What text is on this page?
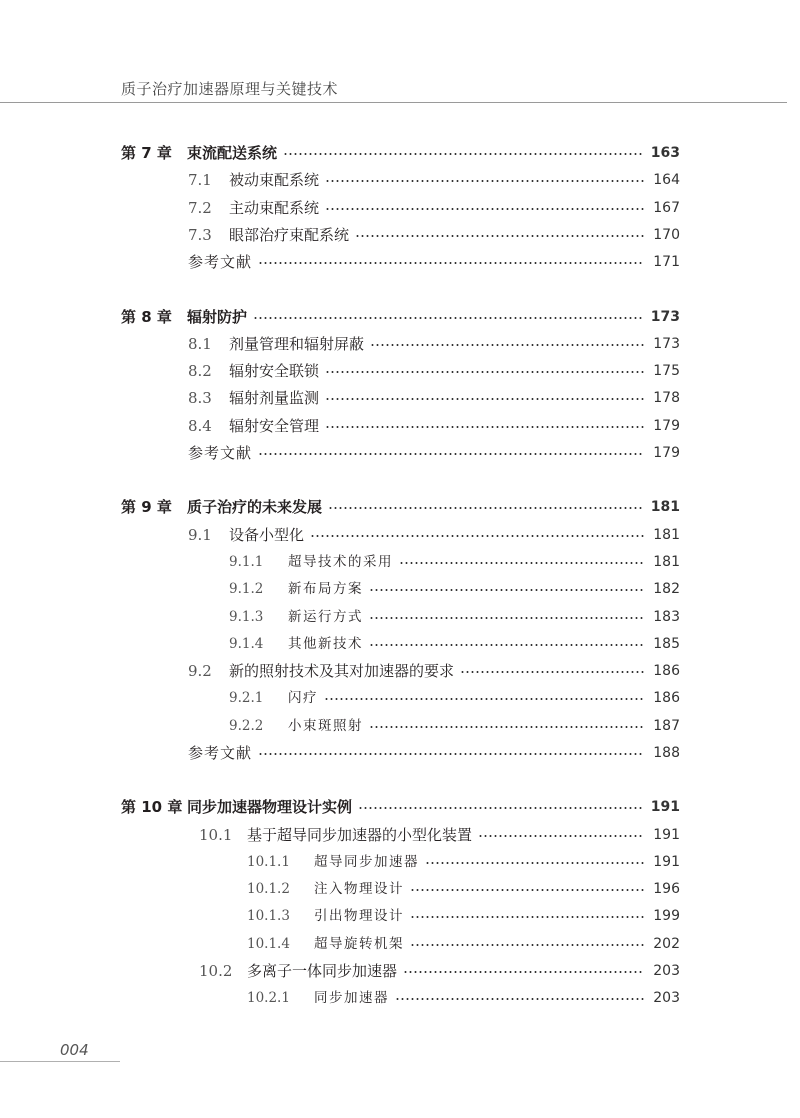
质子治疗加速器原理与关键技术
第 7 章	束流配送系统	163
7.1	被动束配系统	164
7.2	主动束配系统	167
7.3	眼部治疗束配系统	170
参考文献	171
第 8 章	辐射防护	173
8.1	剂量管理和辐射屏蔽	173
8.2	辐射安全联锁	175
8.3	辐射剂量监测	178
8.4	辐射安全管理	179
参考文献	179
第 9 章	质子治疗的未来发展	181
9.1	设备小型化	181
9.1.1	超导技术的采用	181
9.1.2	新布局方案	182
9.1.3	新运行方式	183
9.1.4	其他新技术	185
9.2	新的照射技术及其对加速器的要求	186
9.2.1	闪疗	186
9.2.2	小束斑照射	187
参考文献	188
第 10 章 同步加速器物理设计实例	191
10.1 基于超导同步加速器的小型化装置	191
10.1.1	超导同步加速器	191
10.1.2	注入物理设计	196
10.1.3	引出物理设计	199
10.1.4	超导旋转机架	202
10.2 多离子一体同步加速器	203
10.2.1	同步加速器	203
004
